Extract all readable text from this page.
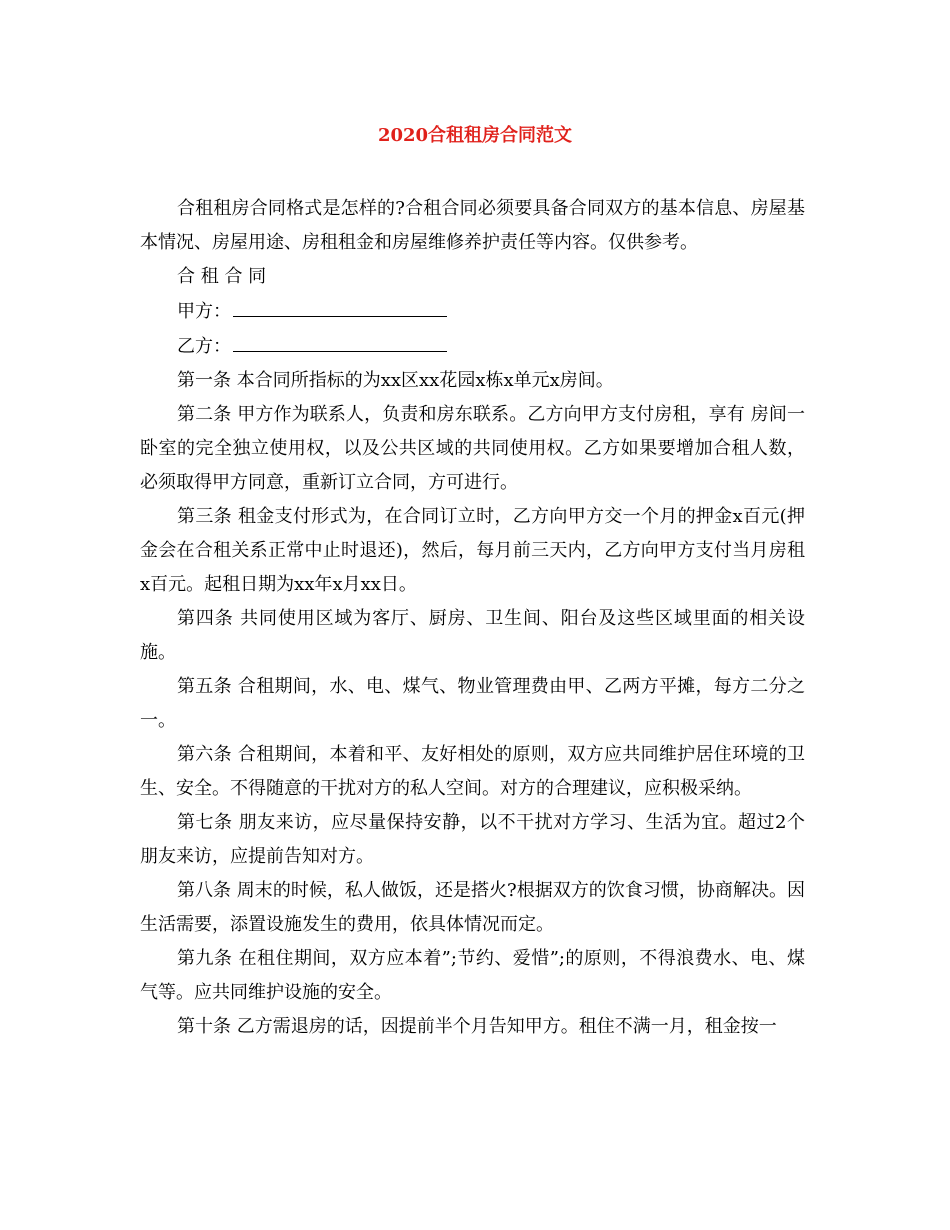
2020合租租房合同范文

合租租房合同格式是怎样的?合租合同必须要具备合同双方的基本信息、房屋基本情况、房屋用途、房租租金和房屋维修养护责任等内容。仅供参考。

合 租 合 同

甲方：

乙方：

第一条 本合同所指标的为xx区xx花园x栋x单元x房间。

第二条 甲方作为联系人，负责和房东联系。乙方向甲方支付房租，享有 房间一卧室的完全独立使用权，以及公共区域的共同使用权。乙方如果要增加合租人数，必须取得甲方同意，重新订立合同，方可进行。

第三条 租金支付形式为，在合同订立时，乙方向甲方交一个月的押金x百元(押金会在合租关系正常中止时退还)，然后，每月前三天内，乙方向甲方支付当月房租x百元。起租日期为xx年x月xx日。

第四条 共同使用区域为客厅、厨房、卫生间、阳台及这些区域里面的相关设施。

第五条 合租期间，水、电、煤气、物业管理费由甲、乙两方平摊，每方二分之一。

第六条 合租期间，本着和平、友好相处的原则，双方应共同维护居住环境的卫生、安全。不得随意的干扰对方的私人空间。对方的合理建议，应积极采纳。

第七条 朋友来访，应尽量保持安静，以不干扰对方学习、生活为宜。超过2个朋友来访，应提前告知对方。

第八条 周末的时候，私人做饭，还是搭火?根据双方的饮食习惯，协商解决。因生活需要，添置设施发生的费用，依具体情况而定。

第九条 在租住期间，双方应本着”;节约、爱惜”;的原则，不得浪费水、电、煤气等。应共同维护设施的安全。

第十条 乙方需退房的话，因提前半个月告知甲方。租住不满一月，租金按一
